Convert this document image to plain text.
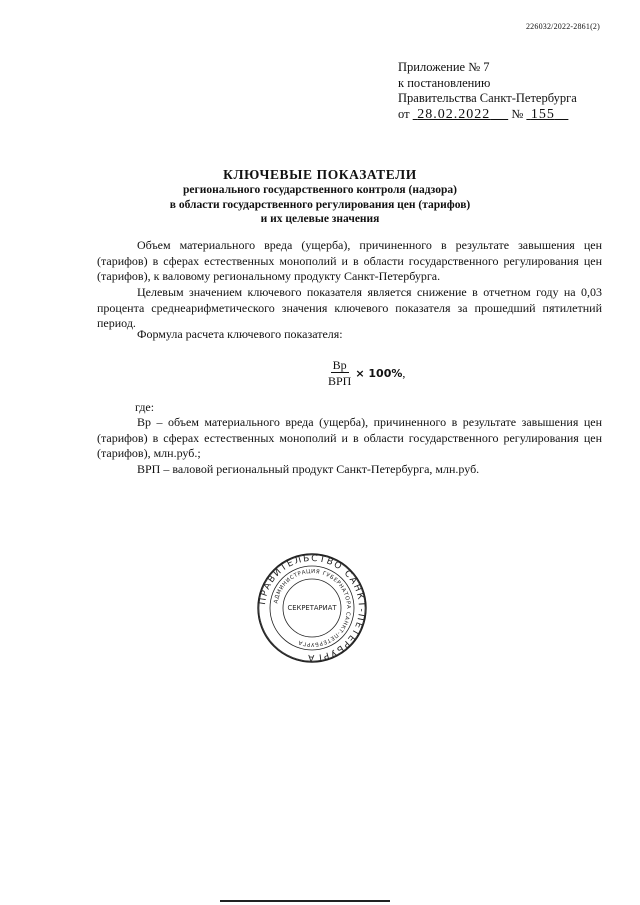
226032/2022-2861(2)
Приложение № 7
к постановлению
Правительства Санкт-Петербурга
от 28.02.2022 № 155
КЛЮЧЕВЫЕ ПОКАЗАТЕЛИ
регионального государственного контроля (надзора)
в области государственного регулирования цен (тарифов)
и их целевые значения
Объем материального вреда (ущерба), причиненного в результате завышения цен (тарифов) в сферах естественных монополий и в области государственного регулирования цен (тарифов), к валовому региональному продукту Санкт-Петербурга.
Целевым значением ключевого показателя является снижение в отчетном году на 0,03 процента среднеарифметического значения ключевого показателя за прошедший пятилетний период.
Формула расчета ключевого показателя:
$\frac{Вр}{\text{ВРП}} \times 100\%$ ,
где:
Вр – объем материального вреда (ущерба), причиненного в результате завышения цен (тарифов) в сферах естественных монополий и в области государственного регулирования цен (тарифов), млн.руб.;
ВРП – валовой региональный продукт Санкт-Петербурга, млн.руб.
ПРАВИТЕЛЬСТВО САНКТ-ПЕТЕРБУРГА
АДМИНИСТРАЦИЯ ГУБЕРНАТОРА САНКТ-ПЕТЕРБУРГА
СЕКРЕТАРИАТ
